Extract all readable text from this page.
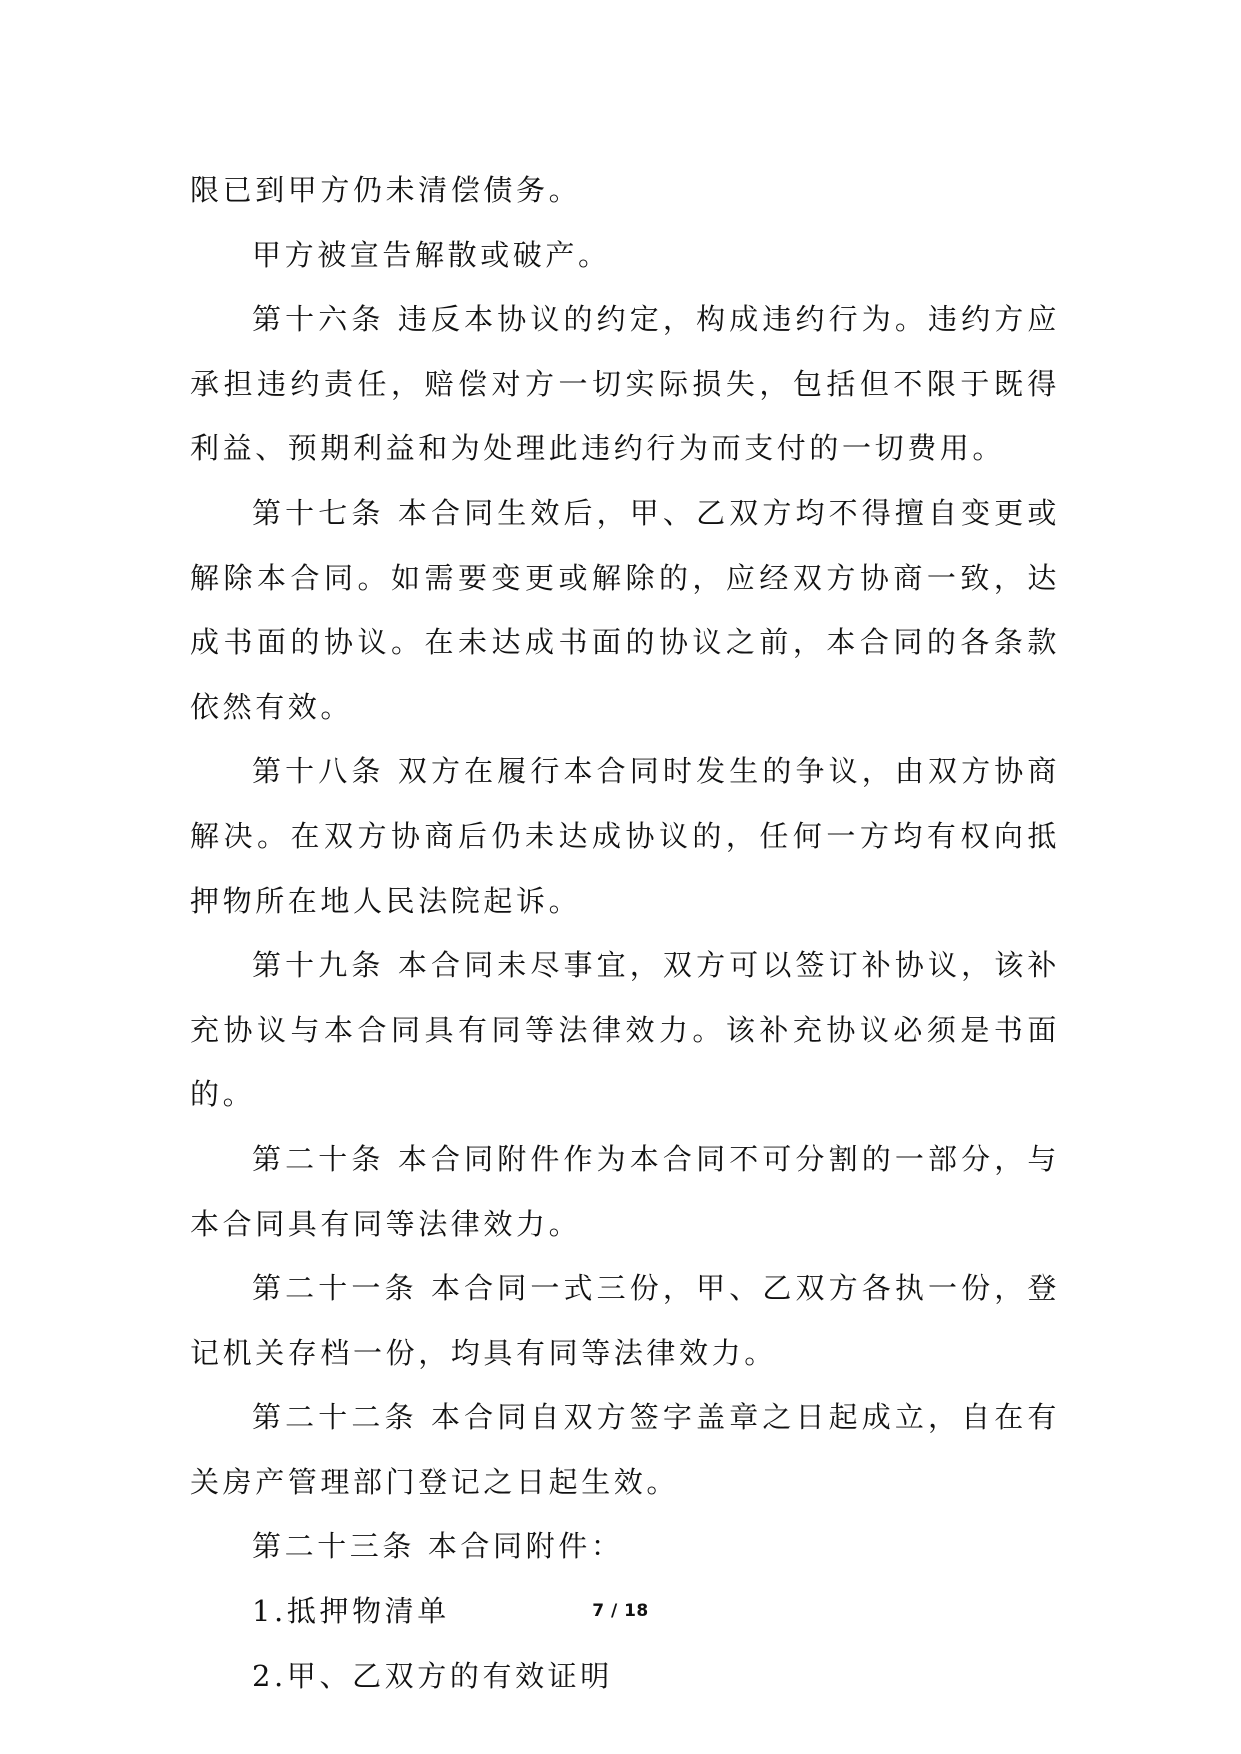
限已到甲方仍未清偿债务。

甲方被宣告解散或破产。

第十六条 违反本协议的约定，构成违约行为。违约方应承担违约责任，赔偿对方一切实际损失，包括但不限于既得利益、预期利益和为处理此违约行为而支付的一切费用。

第十七条 本合同生效后，甲、乙双方均不得擅自变更或解除本合同。如需要变更或解除的，应经双方协商一致，达成书面的协议。在未达成书面的协议之前，本合同的各条款依然有效。

第十八条 双方在履行本合同时发生的争议，由双方协商解决。在双方协商后仍未达成协议的，任何一方均有权向抵押物所在地人民法院起诉。

第十九条 本合同未尽事宜，双方可以签订补协议，该补充协议与本合同具有同等法律效力。该补充协议必须是书面的。

第二十条 本合同附件作为本合同不可分割的一部分，与本合同具有同等法律效力。

第二十一条 本合同一式三份，甲、乙双方各执一份，登记机关存档一份，均具有同等法律效力。

第二十二条 本合同自双方签字盖章之日起成立，自在有关房产管理部门登记之日起生效。

第二十三条 本合同附件：

1.抵押物清单

2.甲、乙双方的有效证明

7 / 18
